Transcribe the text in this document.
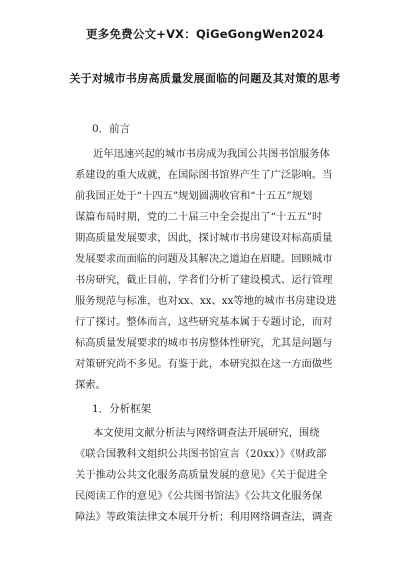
更多免费公文+VX：QiGeGongWen2024
关于对城市书房高质量发展面临的问题及其对策的思考
0．前言
近年迅速兴起的城市书房成为我国公共图书馆服务体
系建设的重大成就，在国际图书馆界产生了广泛影响。当
前我国正处于“十四五”规划圆满收官和“十五五”规划
谋篇布局时期，党的二十届三中全会提出了“十五五”时
期高质量发展要求，因此，探讨城市书房建设对标高质量
发展要求而面临的问题及其解决之道迫在眉睫。回顾城市
书房研究，截止目前，学者们分析了建设模式、运行管理
服务规范与标准，也对xx、xx、xx等地的城市书房建设进
行了探讨。整体而言，这些研究基本属于专题讨论，而对
标高质量发展要求的城市书房整体性研究，尤其是问题与
对策研究尚不多见。有鉴于此，本研究拟在这一方面做些
探索。
1．分析框架
本文使用文献分析法与网络调查法开展研究，围绕
《联合国教科文组织公共图书馆宣言（20xx）》《财政部
关于推动公共文化服务高质量发展的意见》《关于促进全
民阅读工作的意见》《公共图书馆法》《公共文化服务保
障法》等政策法律文本展开分析；利用网络调查法，调查
